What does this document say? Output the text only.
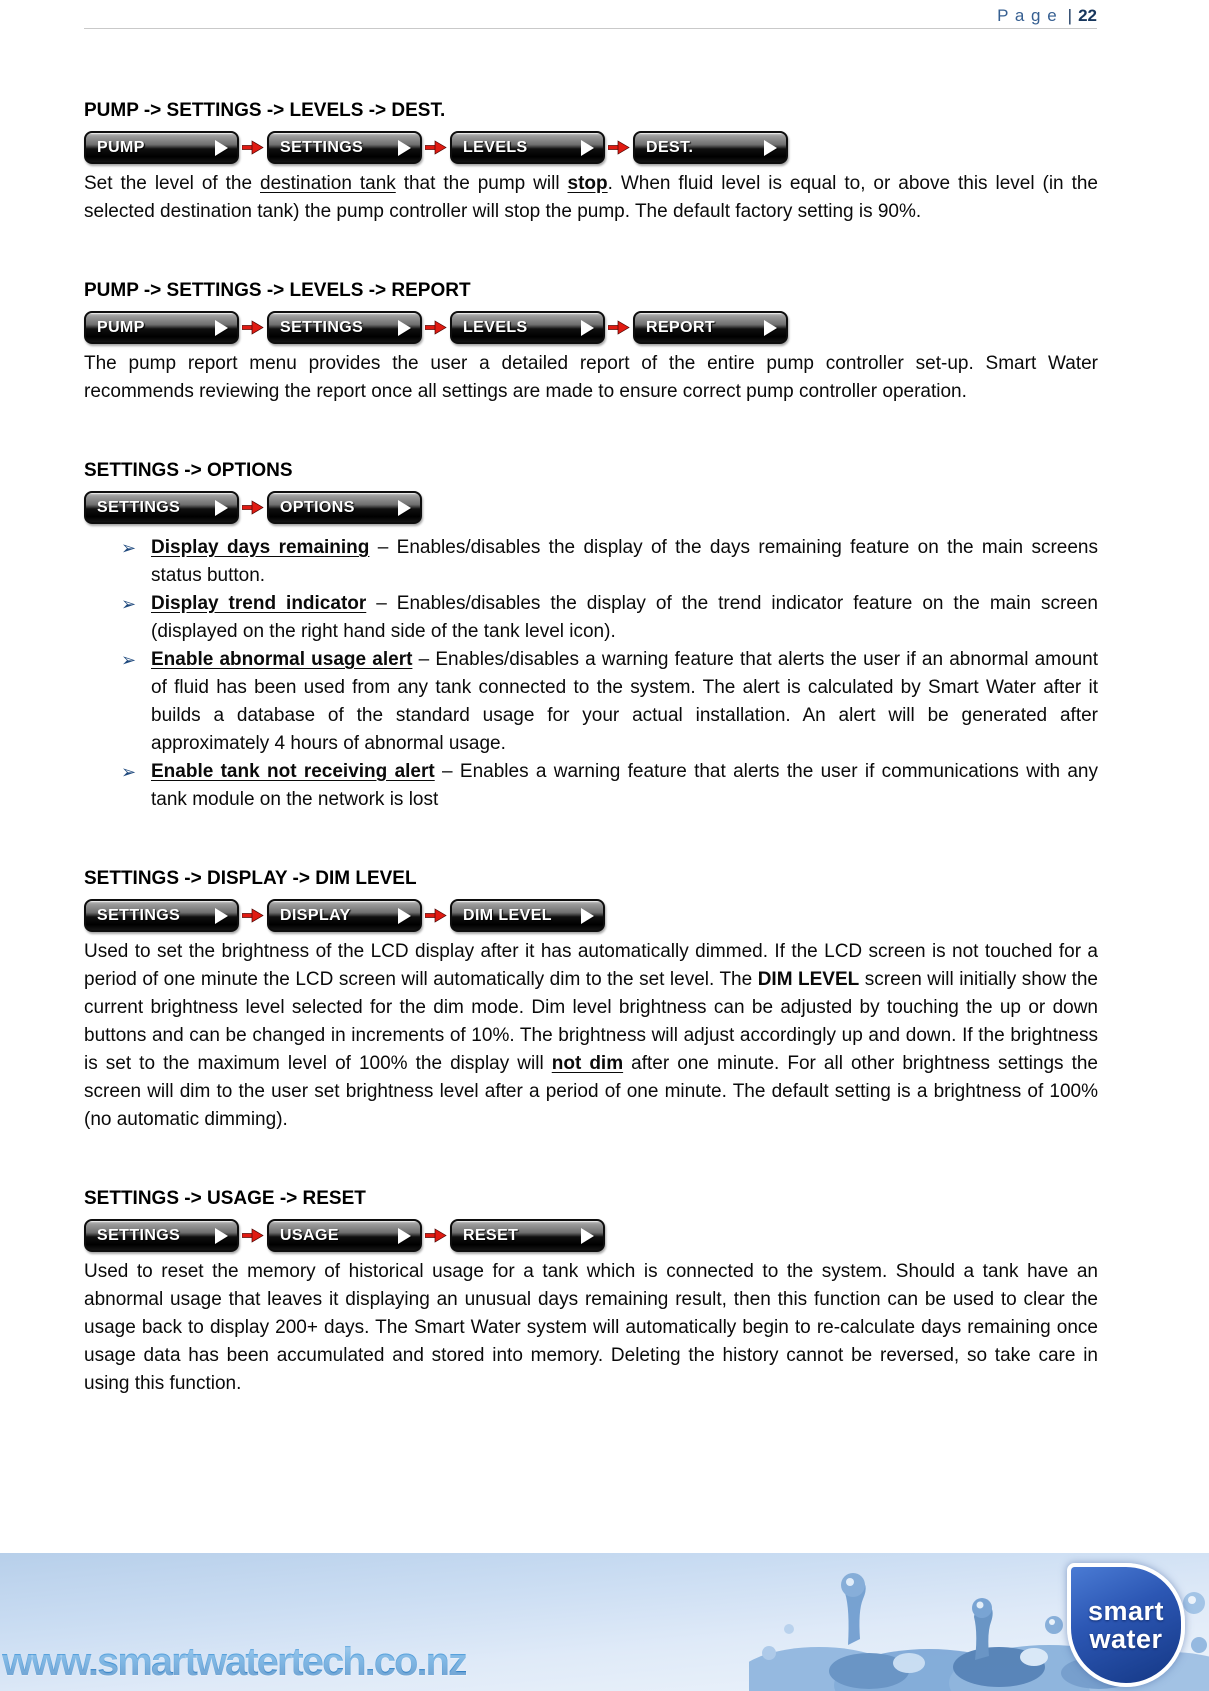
P a g e | 22
PUMP -> SETTINGS -> LEVELS -> DEST.
PUMP	SETTINGS	LEVELS	DEST.

Set the level of the destination tank that the pump will stop. When fluid level is equal to, or above this level (in the selected destination tank) the pump controller will stop the pump. The default factory setting is 90%.

PUMP -> SETTINGS -> LEVELS -> REPORT
PUMP	SETTINGS	LEVELS	REPORT

The pump report menu provides the user a detailed report of the entire pump controller set-up. Smart Water recommends reviewing the report once all settings are made to ensure correct pump controller operation.

SETTINGS -> OPTIONS
SETTINGS	OPTIONS
➢ Display days remaining – Enables/disables the display of the days remaining feature on the main screens status button.
➢ Display trend indicator – Enables/disables the display of the trend indicator feature on the main screen (displayed on the right hand side of the tank level icon).
➢ Enable abnormal usage alert – Enables/disables a warning feature that alerts the user if an abnormal amount of fluid has been used from any tank connected to the system. The alert is calculated by Smart Water after it builds a database of the standard usage for your actual installation. An alert will be generated after approximately 4 hours of abnormal usage.
➢ Enable tank not receiving alert – Enables a warning feature that alerts the user if communications with any tank module on the network is lost
SETTINGS -> DISPLAY -> DIM LEVEL
SETTINGS	DISPLAY	DIM LEVEL

Used to set the brightness of the LCD display after it has automatically dimmed. If the LCD screen is not touched for a period of one minute the LCD screen will automatically dim to the set level. The DIM LEVEL screen will initially show the current brightness level selected for the dim mode. Dim level brightness can be adjusted by touching the up or down buttons and can be changed in increments of 10%. The brightness will adjust accordingly up and down. If the brightness is set to the maximum level of 100% the display will not dim after one minute. For all other brightness settings the screen will dim to the user set brightness level after a period of one minute. The default setting is a brightness of 100% (no automatic dimming).

SETTINGS -> USAGE -> RESET
SETTINGS	USAGE	RESET

Used to reset the memory of historical usage for a tank which is connected to the system. Should a tank have an abnormal usage that leaves it displaying an unusual days remaining result, then this function can be used to clear the usage back to display 200+ days. The Smart Water system will automatically begin to re-calculate days remaining once usage data has been accumulated and stored into memory. Deleting the history cannot be reversed, so take care in using this function.

www.smartwatertech.co.nz
smart
water
